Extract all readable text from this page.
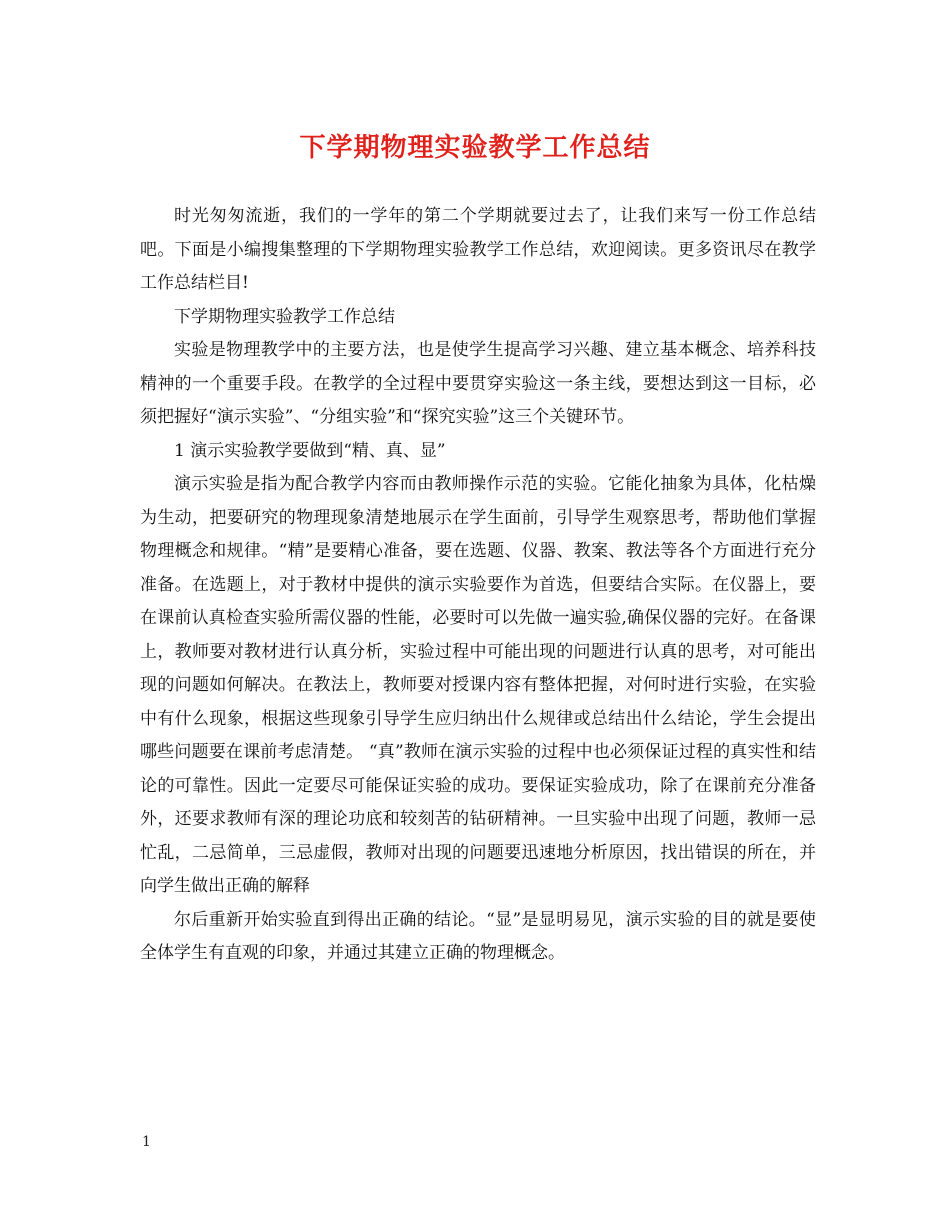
下学期物理实验教学工作总结

时光匆匆流逝，我们的一学年的第二个学期就要过去了，让我们来写一份工作总结吧。下面是小编搜集整理的下学期物理实验教学工作总结，欢迎阅读。更多资讯尽在教学工作总结栏目!

下学期物理实验教学工作总结

实验是物理教学中的主要方法，也是使学生提高学习兴趣、建立基本概念、培养科技精神的一个重要手段。在教学的全过程中要贯穿实验这一条主线，要想达到这一目标，必须把握好“演示实验”、“分组实验”和“探究实验”这三个关键环节。

1 演示实验教学要做到“精、真、显”

演示实验是指为配合教学内容而由教师操作示范的实验。它能化抽象为具体，化枯燥为生动，把要研究的物理现象清楚地展示在学生面前，引导学生观察思考，帮助他们掌握物理概念和规律。“精”是要精心准备，要在选题、仪器、教案、教法等各个方面进行充分准备。在选题上，对于教材中提供的演示实验要作为首选，但要结合实际。在仪器上，要在课前认真检查实验所需仪器的性能，必要时可以先做一遍实验,确保仪器的完好。在备课上，教师要对教材进行认真分析，实验过程中可能出现的问题进行认真的思考，对可能出现的问题如何解决。在教法上，教师要对授课内容有整体把握，对何时进行实验，在实验中有什么现象，根据这些现象引导学生应归纳出什么规律或总结出什么结论，学生会提出哪些问题要在课前考虑清楚。 “真”教师在演示实验的过程中也必须保证过程的真实性和结论的可靠性。因此一定要尽可能保证实验的成功。要保证实验成功，除了在课前充分准备外，还要求教师有深的理论功底和较刻苦的钻研精神。一旦实验中出现了问题，教师一忌忙乱，二忌简单，三忌虚假，教师对出现的问题要迅速地分析原因，找出错误的所在，并向学生做出正确的解释

尔后重新开始实验直到得出正确的结论。“显”是显明易见，演示实验的目的就是要使全体学生有直观的印象，并通过其建立正确的物理概念。

1
